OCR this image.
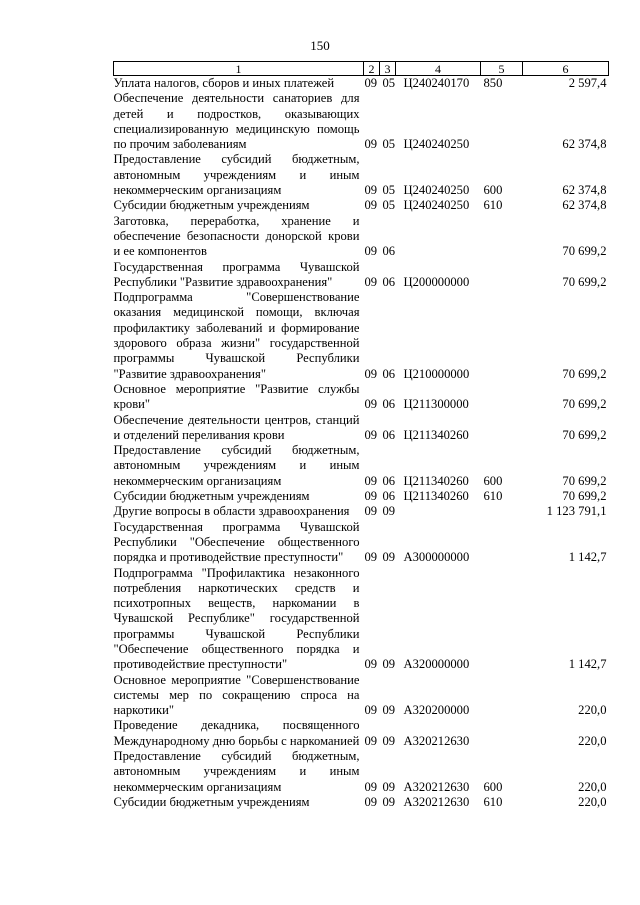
150
1	2	3	4	5	6
Уплата налогов, сборов и иных платежей	09	05	Ц240240170	850	2 597,4
Обеспечение деятельности санаториев для детей и подростков, оказывающих специализированную медицинскую помощь по прочим заболеваниям	09	05	Ц240240250		62 374,8
Предоставление субсидий бюджетным, автономным учреждениям и иным некоммерческим организациям	09	05	Ц240240250	600	62 374,8
Субсидии бюджетным учреждениям	09	05	Ц240240250	610	62 374,8
Заготовка, переработка, хранение и обеспечение безопасности донорской крови и ее компонентов	09	06			70 699,2
Государственная программа Чувашской Республики "Развитие здравоохранения"	09	06	Ц200000000		70 699,2
Подпрограмма "Совершенствование оказания медицинской помощи, включая профилактику заболеваний и формирование здорового образа жизни" государственной программы Чувашской Республики "Развитие здравоохранения"	09	06	Ц210000000		70 699,2
Основное мероприятие "Развитие службы крови"	09	06	Ц211300000		70 699,2
Обеспечение деятельности центров, станций и отделений переливания крови	09	06	Ц211340260		70 699,2
Предоставление субсидий бюджетным, автономным учреждениям и иным некоммерческим организациям	09	06	Ц211340260	600	70 699,2
Субсидии бюджетным учреждениям	09	06	Ц211340260	610	70 699,2
Другие вопросы в области здравоохранения	09	09			1 123 791,1
Государственная программа Чувашской Республики "Обеспечение общественного порядка и противодействие преступности"	09	09	А300000000		1 142,7
Подпрограмма "Профилактика незаконного потребления наркотических средств и психотропных веществ, наркомании в Чувашской Республике" государственной программы Чувашской Республики "Обеспечение общественного порядка и противодействие преступности"	09	09	А320000000		1 142,7
Основное мероприятие "Совершенствование системы мер по сокращению спроса на наркотики"	09	09	А320200000		220,0
Проведение декадника, посвященного Международному дню борьбы с наркоманией	09	09	А320212630		220,0
Предоставление субсидий бюджетным, автономным учреждениям и иным некоммерческим организациям	09	09	А320212630	600	220,0
Субсидии бюджетным учреждениям	09	09	А320212630	610	220,0
